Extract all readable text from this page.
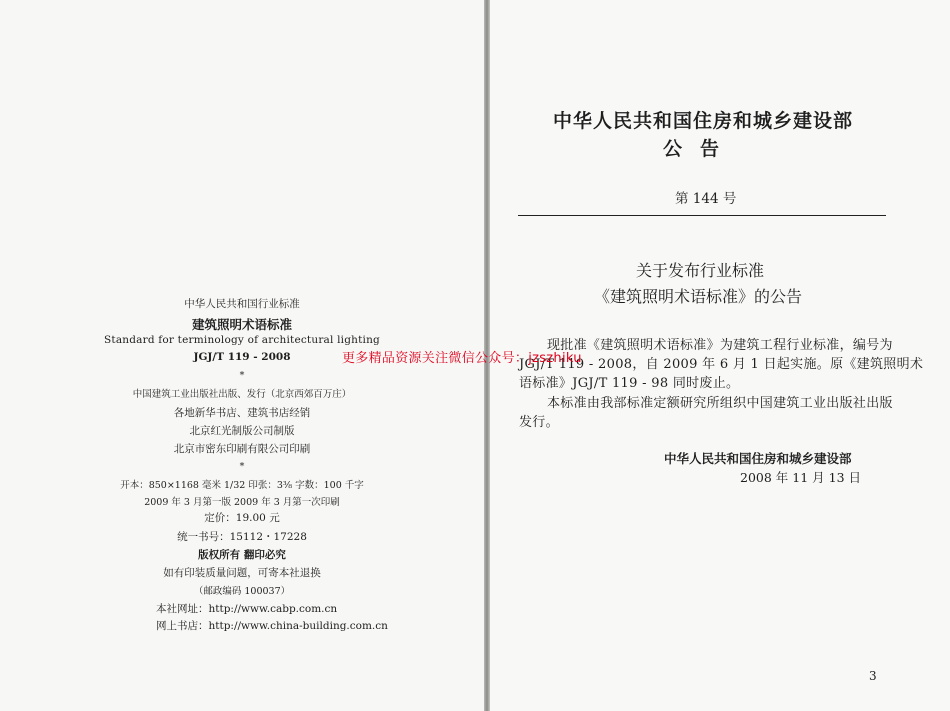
中华人民共和国行业标准
建筑照明术语标准
Standard for terminology of architectural lighting
JGJ/T 119 - 2008
*
中国建筑工业出版社出版、发行（北京西郊百万庄）
各地新华书店、建筑书店经销
北京红光制版公司制版
北京市密东印刷有限公司印刷
*
开本：850×1168 毫米 1/32 印张：3⅜ 字数：100 千字
2009 年 3 月第一版 2009 年 3 月第一次印刷
定价：19.00 元
统一书号：15112・17228
版权所有 翻印必究
如有印装质量问题，可寄本社退换
（邮政编码 100037）
本社网址：http://www.cabp.com.cn
网上书店：http://www.china-building.com.cn
中华人民共和国住房和城乡建设部
公告
第 144 号
关于发布行业标准
《建筑照明术语标准》的公告
现批准《建筑照明术语标准》为建筑工程行业标准，编号为
JGJ/T 119 - 2008，自 2009 年 6 月 1 日起实施。原《建筑照明术
语标准》JGJ/T 119 - 98 同时废止。
本标准由我部标准定额研究所组织中国建筑工业出版社出版
发行。
中华人民共和国住房和城乡建设部
2008 年 11 月 13 日
3
更多精品资源关注微信公众号：jzszhiku
